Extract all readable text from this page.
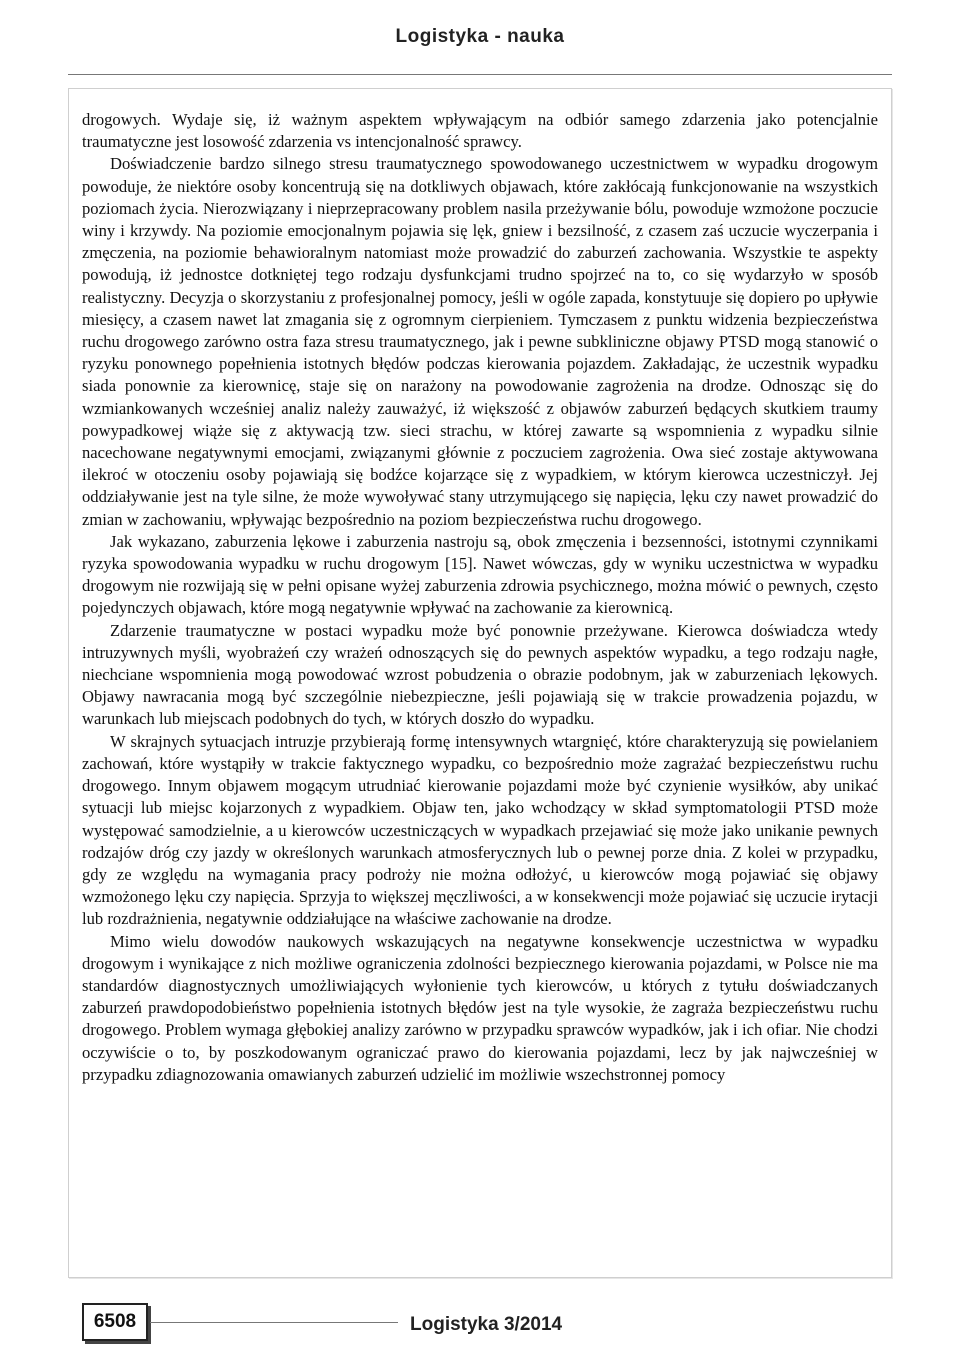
Logistyka - nauka

drogowych. Wydaje się, iż ważnym aspektem wpływającym na odbiór samego zdarzenia jako potencjalnie traumatyczne jest losowość zdarzenia vs intencjonalność sprawcy.

Doświadczenie bardzo silnego stresu traumatycznego spowodowanego uczestnictwem w wypadku drogowym powoduje, że niektóre osoby koncentrują się na dotkliwych objawach, które zakłócają funkcjonowanie na wszystkich poziomach życia. Nierozwiązany i nieprzepracowany problem nasila przeżywanie bólu, powoduje wzmożone poczucie winy i krzywdy. Na poziomie emocjonalnym pojawia się lęk, gniew i bezsilność, z czasem zaś uczucie wyczerpania i zmęczenia, na poziomie behawioralnym natomiast może prowadzić do zaburzeń zachowania. Wszystkie te aspekty powodują, iż jednostce dotkniętej tego rodzaju dysfunkcjami trudno spojrzeć na to, co się wydarzyło w sposób realistyczny. Decyzja o skorzystaniu z profesjonalnej pomocy, jeśli w ogóle zapada, konstytuuje się dopiero po upływie miesięcy, a czasem nawet lat zmagania się z ogromnym cierpieniem. Tymczasem z punktu widzenia bezpieczeństwa ruchu drogowego zarówno ostra faza stresu traumatycznego, jak i pewne subkliniczne objawy PTSD mogą stanowić o ryzyku ponownego popełnienia istotnych błędów podczas kierowania pojazdem. Zakładając, że uczestnik wypadku siada ponownie za kierownicę, staje się on narażony na powodowanie zagrożenia na drodze. Odnosząc się do wzmiankowanych wcześniej analiz należy zauważyć, iż większość z objawów zaburzeń będących skutkiem traumy powypadkowej wiąże się z aktywacją tzw. sieci strachu, w której zawarte są wspomnienia z wypadku silnie nacechowane negatywnymi emocjami, związanymi głównie z poczuciem zagrożenia. Owa sieć zostaje aktywowana ilekroć w otoczeniu osoby pojawiają się bodźce kojarzące się z wypadkiem, w którym kierowca uczestniczył. Jej oddziaływanie jest na tyle silne, że może wywoływać stany utrzymującego się napięcia, lęku czy nawet prowadzić do zmian w zachowaniu, wpływając bezpośrednio na poziom bezpieczeństwa ruchu drogowego.

Jak wykazano, zaburzenia lękowe i zaburzenia nastroju są, obok zmęczenia i bezsenności, istotnymi czynnikami ryzyka spowodowania wypadku w ruchu drogowym [15]. Nawet wówczas, gdy w wyniku uczestnictwa w wypadku drogowym nie rozwijają się w pełni opisane wyżej zaburzenia zdrowia psychicznego, można mówić o pewnych, często pojedynczych objawach, które mogą negatywnie wpływać na zachowanie za kierownicą.

Zdarzenie traumatyczne w postaci wypadku może być ponownie przeżywane. Kierowca doświadcza wtedy intruzywnych myśli, wyobrażeń czy wrażeń odnoszących się do pewnych aspektów wypadku, a tego rodzaju nagłe, niechciane wspomnienia mogą powodować wzrost pobudzenia o obrazie podobnym, jak w zaburzeniach lękowych. Objawy nawracania mogą być szczególnie niebezpieczne, jeśli pojawiają się w trakcie prowadzenia pojazdu, w warunkach lub miejscach podobnych do tych, w których doszło do wypadku.

W skrajnych sytuacjach intruzje przybierają formę intensywnych wtargnięć, które charakteryzują się powielaniem zachowań, które wystąpiły w trakcie faktycznego wypadku, co bezpośrednio może zagrażać bezpieczeństwu ruchu drogowego. Innym objawem mogącym utrudniać kierowanie pojazdami może być czynienie wysiłków, aby unikać sytuacji lub miejsc kojarzonych z wypadkiem. Objaw ten, jako wchodzący w skład symptomatologii PTSD może występować samodzielnie, a u kierowców uczestniczących w wypadkach przejawiać się może jako unikanie pewnych rodzajów dróg czy jazdy w określonych warunkach atmosferycznych lub o pewnej porze dnia. Z kolei w przypadku, gdy ze względu na wymagania pracy podroży nie można odłożyć, u kierowców mogą pojawiać się objawy wzmożonego lęku czy napięcia. Sprzyja to większej męczliwości, a w konsekwencji może pojawiać się uczucie irytacji lub rozdrażnienia, negatywnie oddziałujące na właściwe zachowanie na drodze.

Mimo wielu dowodów naukowych wskazujących na negatywne konsekwencje uczestnictwa w wypadku drogowym i wynikające z nich możliwe ograniczenia zdolności bezpiecznego kierowania pojazdami, w Polsce nie ma standardów diagnostycznych umożliwiających wyłonienie tych kierowców, u których z tytułu doświadczanych zaburzeń prawdopodobieństwo popełnienia istotnych błędów jest na tyle wysokie, że zagraża bezpieczeństwu ruchu drogowego. Problem wymaga głębokiej analizy zarówno w przypadku sprawców wypadków, jak i ich ofiar. Nie chodzi oczywiście o to, by poszkodowanym ograniczać prawo do kierowania pojazdami, lecz by jak najwcześniej w przypadku zdiagnozowania omawianych zaburzeń udzielić im możliwie wszechstronnej pomocy

6508	Logistyka 3/2014
